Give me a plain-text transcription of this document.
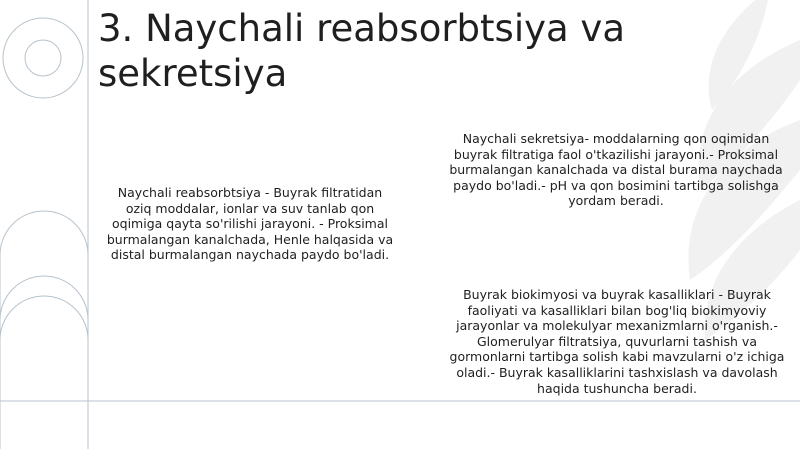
3. Naychali reabsorbtsiya va
sekretsiya

Naychali reabsorbtsiya - Buyrak filtratidan oziq moddalar, ionlar va suv tanlab qon oqimiga qayta so'rilishi jarayoni. - Proksimal burmalangan kanalchada, Henle halqasida va distal burmalangan naychada paydo bo'ladi.

Naychali sekretsiya- moddalarning qon oqimidan buyrak filtratiga faol o'tkazilishi jarayoni.- Proksimal burmalangan kanalchada va distal burama naychada paydo bo'ladi.- pH va qon bosimini tartibga solishga yordam beradi.

Buyrak biokimyosi va buyrak kasalliklari - Buyrak faoliyati va kasalliklari bilan bog'liq biokimyoviy jarayonlar va molekulyar mexanizmlarni o'rganish.- Glomerulyar filtratsiya, quvurlarni tashish va gormonlarni tartibga solish kabi mavzularni o'z ichiga oladi.- Buyrak kasalliklarini tashxislash va davolash haqida tushuncha beradi.
